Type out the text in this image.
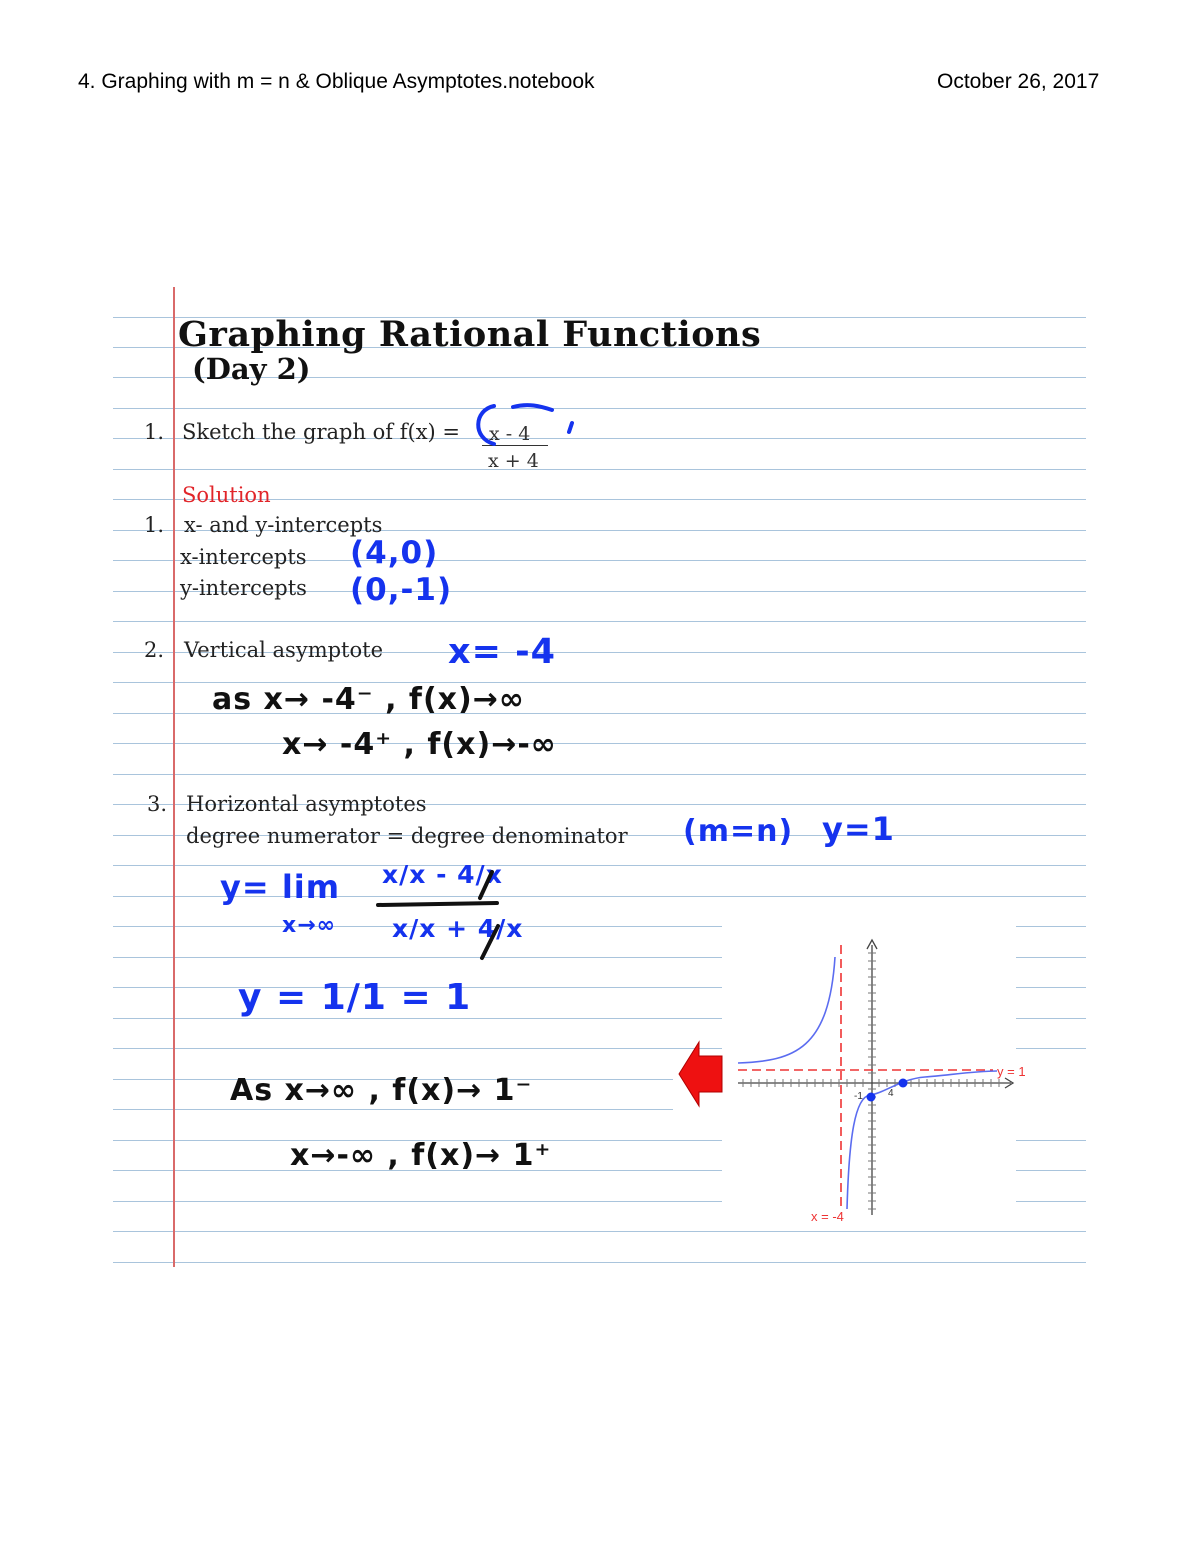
4. Graphing with m = n & Oblique Asymptotes.notebook	October 26, 2017
Graphing Rational Functions
(Day 2)
1. Sketch the graph of f(x) = x - 4
x + 4
Solution
1. x- and y-intercepts
x-intercepts
y-intercepts
(4,0)
(0,-1)
2. Vertical asymptote x= -4
as x→ -4⁻ , f(x)→∞
x→ -4⁺ , f(x)→-∞
3. Horizontal asymptotes
degree numerator = degree denominator (m=n) y=1
y= lim
x→∞
x/x - 4/x
x/x + 4/x
y = 1/1 = 1
As x→∞ , f(x)→ 1⁻
x→-∞ , f(x)→ 1⁺
y = 1
x = -4
-1	4
